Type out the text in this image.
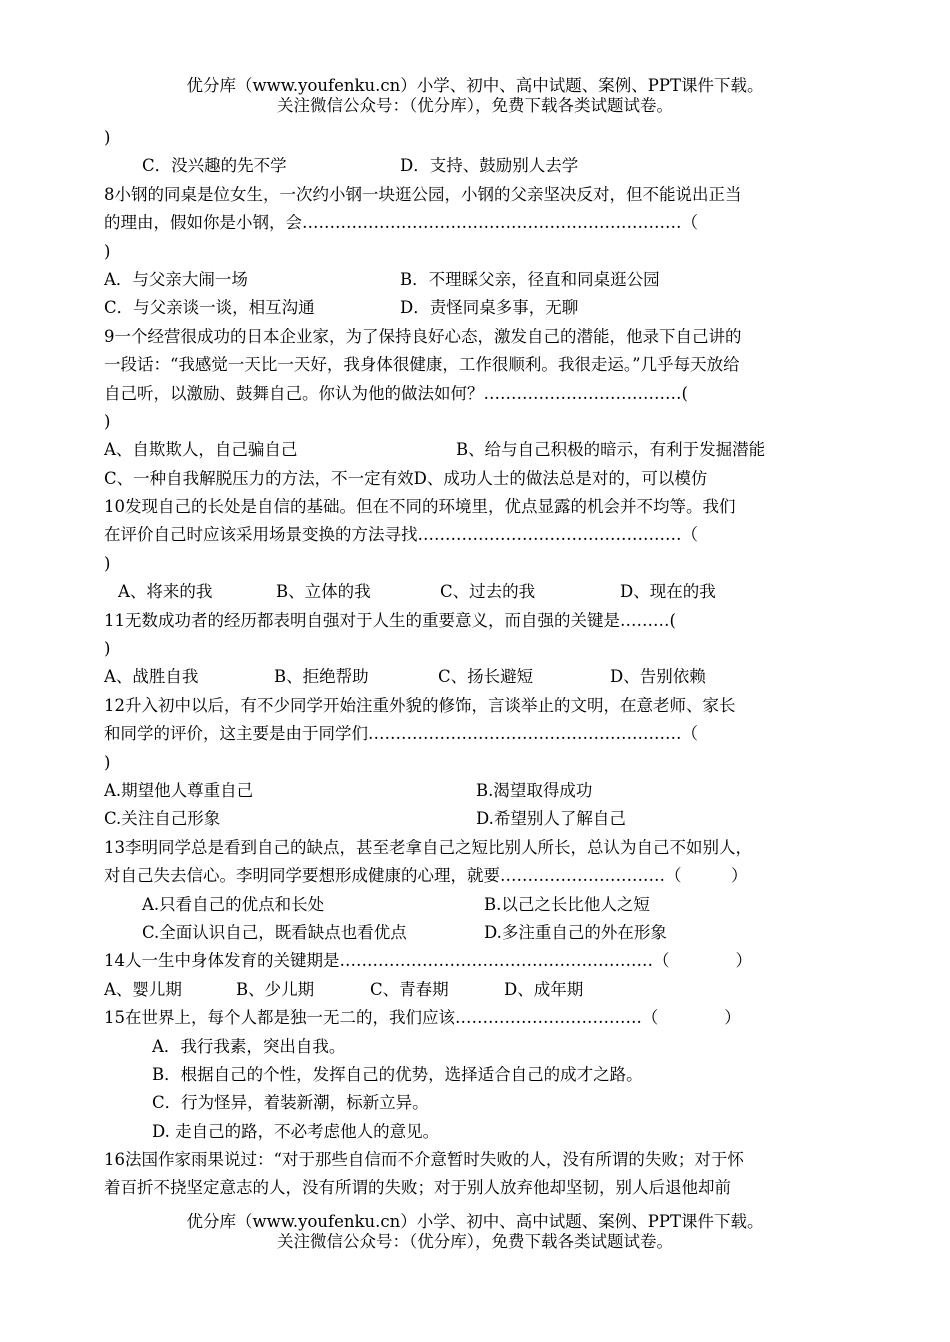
优分库（www.youfenku.cn）小学、初中、高中试题、案例、PPT课件下载。
关注微信公众号：（优分库），免费下载各类试题试卷。
)
C．没兴趣的先不学	D．支持、鼓励别人去学
8小钢的同桌是位女生，一次约小钢一块逛公园，小钢的父亲坚决反对，但不能说出正当
的理由，假如你是小钢，会……………………………………………………………（
)
A．与父亲大闹一场	B．不理睬父亲，径直和同桌逛公园
C．与父亲谈一谈，相互沟通	D．责怪同桌多事，无聊
9一个经营很成功的日本企业家，为了保持良好心态，激发自己的潜能，他录下自己讲的
一段话：“我感觉一天比一天好，我身体很健康，工作很顺利。我很走运。”几乎每天放给
自己听，以激励、鼓舞自己。你认为他的做法如何？………………………………(
)
A、自欺欺人，自己骗自己	B、给与自己积极的暗示，有利于发掘潜能
C、一种自我解脱压力的方法，不一定有效D、成功人士的做法总是对的，可以模仿
10发现自己的长处是自信的基础。但在不同的环境里，优点显露的机会并不均等。我们
在评价自己时应该采用场景变换的方法寻找…………………………………………（
)
A、将来的我	B、立体的我	C、过去的我	D、现在的我
11无数成功者的经历都表明自强对于人生的重要意义，而自强的关键是………(
)
A、战胜自我	B、拒绝帮助	C、扬长避短	D、告别依赖
12升入初中以后，有不少同学开始注重外貌的修饰，言谈举止的文明，在意老师、家长
和同学的评价，这主要是由于同学们…………………………………………………（
)
A.期望他人尊重自己	B.渴望取得成功
C.关注自己形象	D.希望别人了解自己
13李明同学总是看到自己的缺点，甚至老拿自己之短比别人所长，总认为自己不如别人，
对自己失去信心。李明同学要想形成健康的心理，就要…………………………（　　　）
A.只看自己的优点和长处	B.以己之长比他人之短
C.全面认识自己，既看缺点也看优点	D.多注重自己的外在形象
14人一生中身体发育的关键期是…………………………………………………（　　　　）
A、婴儿期	B、少儿期	C、青春期	D、成年期
15在世界上，每个人都是独一无二的，我们应该…………………………….（　　　　）
A．我行我素，突出自我。
B．根据自己的个性，发挥自己的优势，选择适合自己的成才之路。
C．行为怪异，着装新潮，标新立异。
D. 走自己的路，不必考虑他人的意见。
16法国作家雨果说过：“对于那些自信而不介意暂时失败的人，没有所谓的失败；对于怀
着百折不挠坚定意志的人，没有所谓的失败；对于别人放弃他却坚韧，别人后退他却前
优分库（www.youfenku.cn）小学、初中、高中试题、案例、PPT课件下载。
关注微信公众号：（优分库），免费下载各类试题试卷。
